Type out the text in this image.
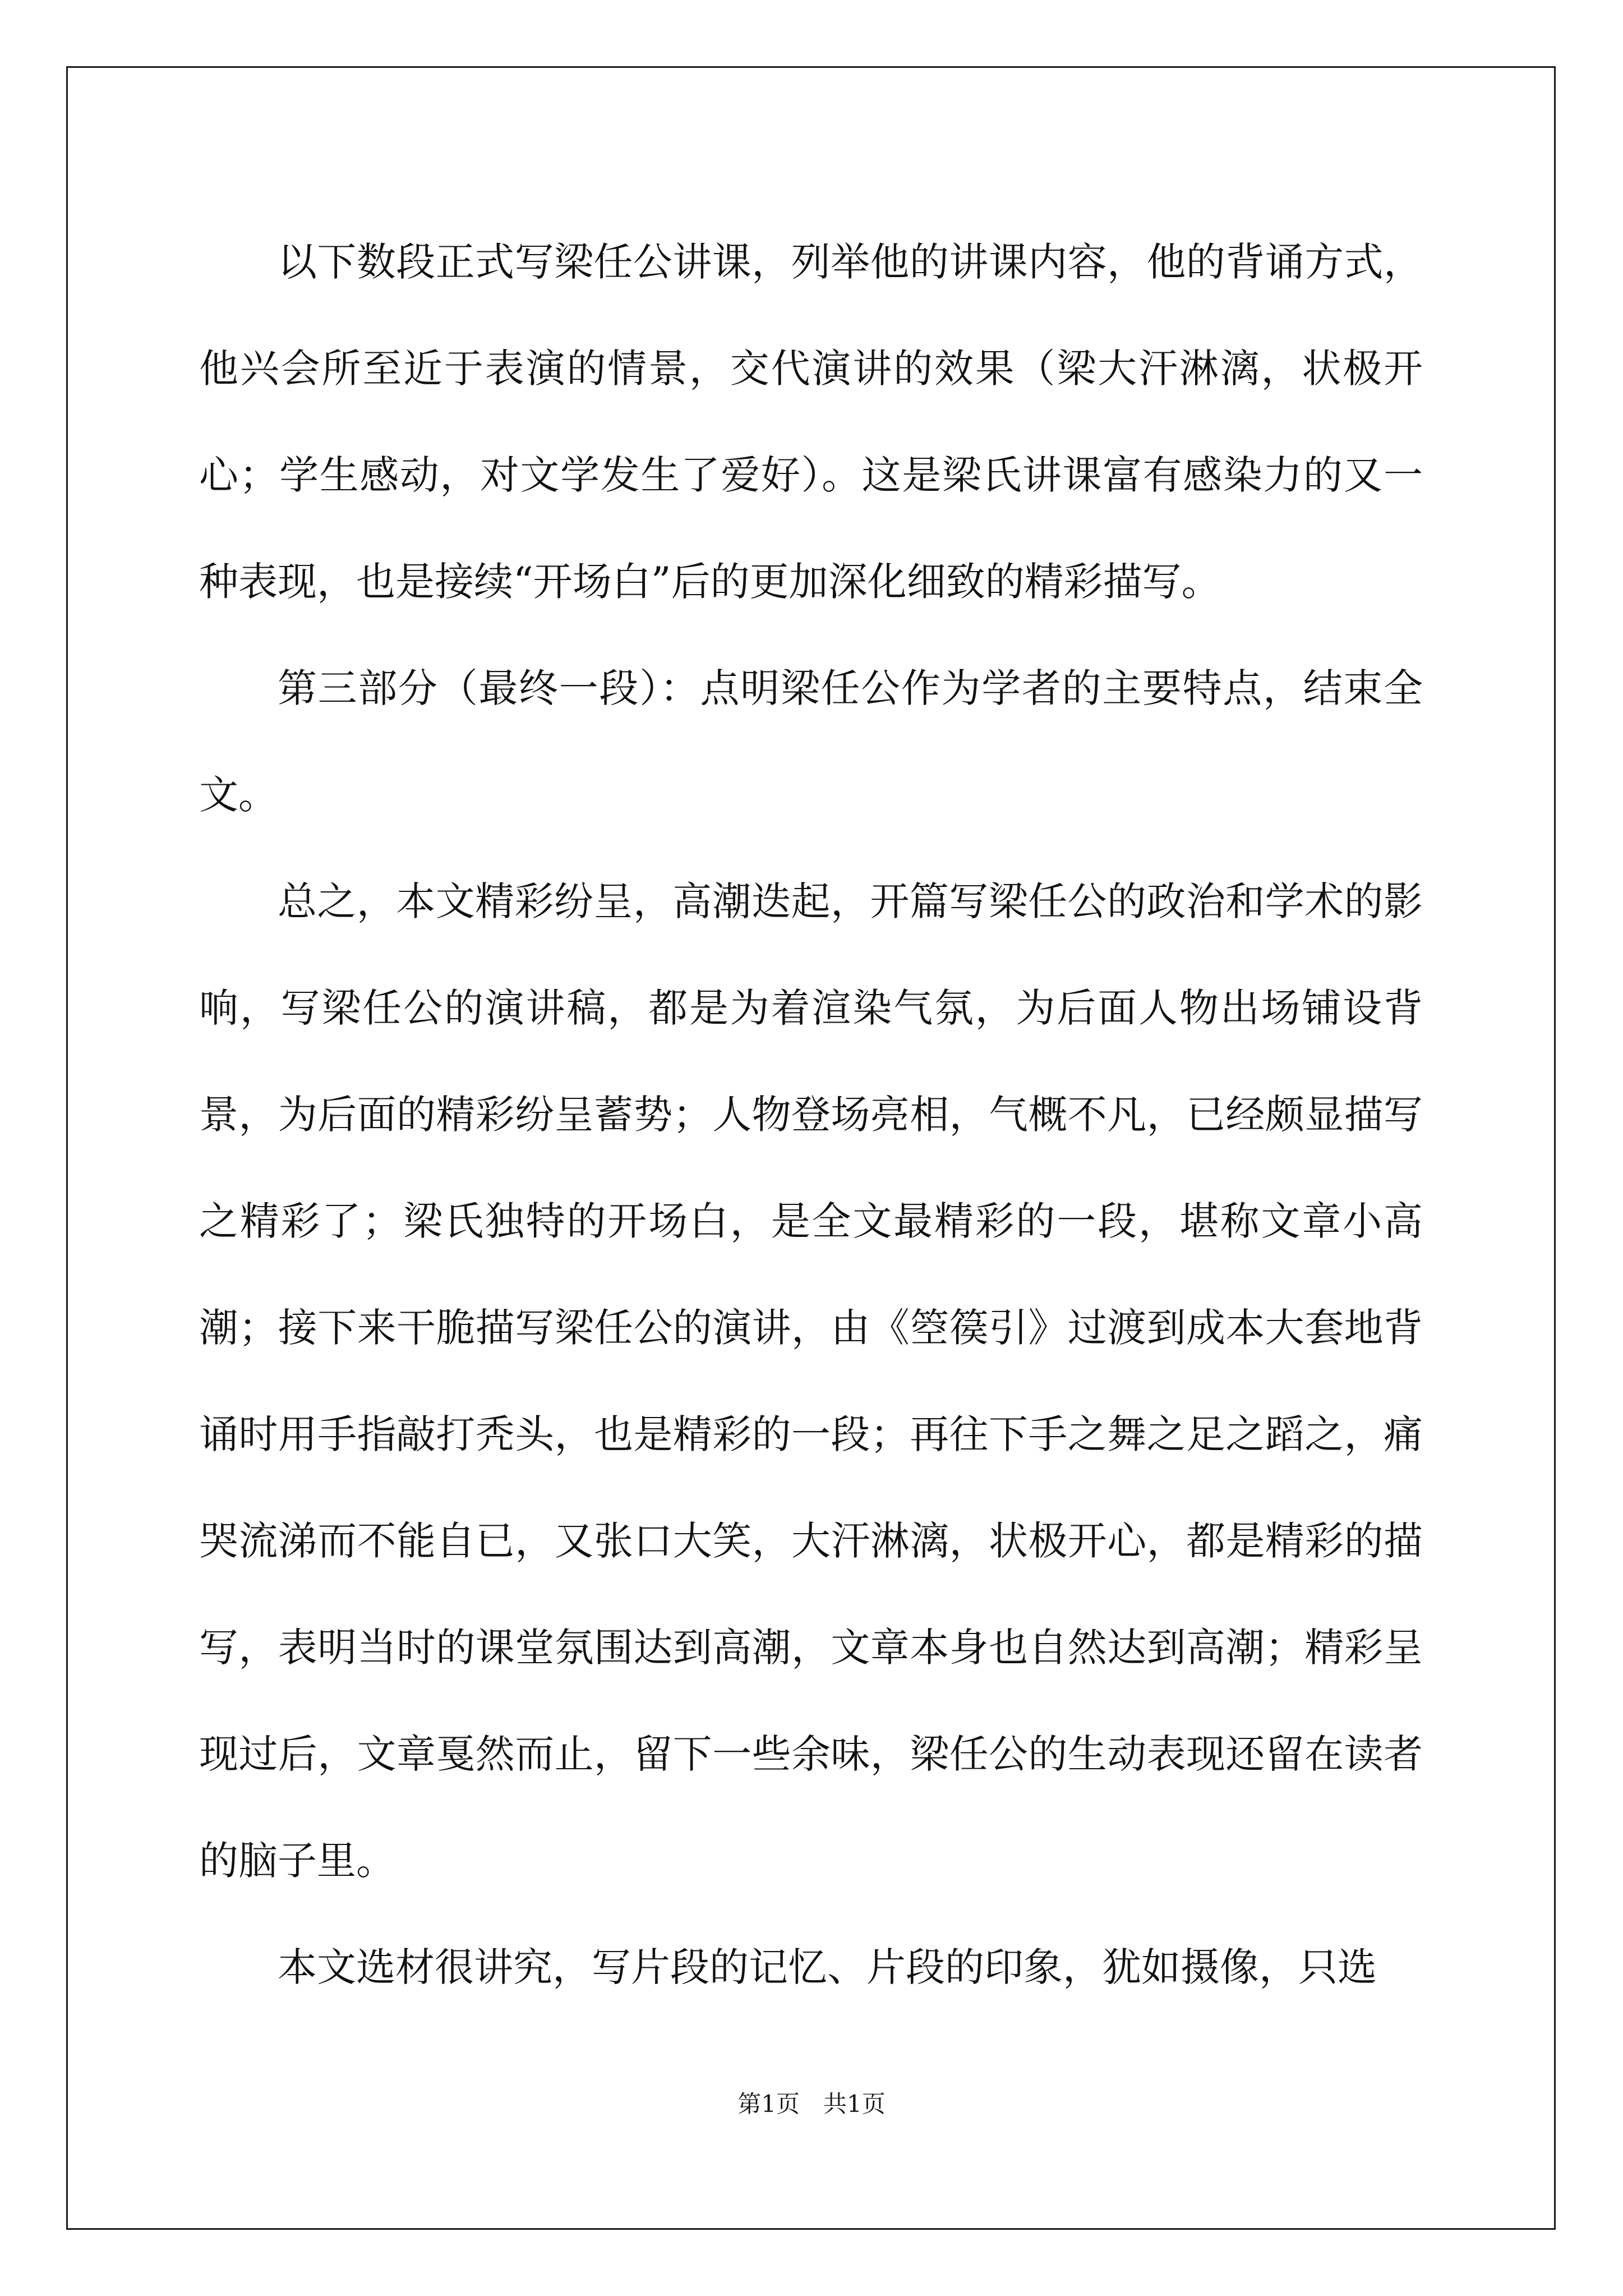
以下数段正式写梁任公讲课，列举他的讲课内容，他的背诵方式，他兴会所至近于表演的情景，交代演讲的效果（梁大汗淋漓，状极开心；学生感动，对文学发生了爱好）。这是梁氏讲课富有感染力的又一种表现，也是接续“开场白”后的更加深化细致的精彩描写。

第三部分（最终一段）：点明梁任公作为学者的主要特点，结束全文。

总之，本文精彩纷呈，高潮迭起，开篇写梁任公的政治和学术的影响，写梁任公的演讲稿，都是为着渲染气氛，为后面人物出场铺设背景，为后面的精彩纷呈蓄势；人物登场亮相，气概不凡，已经颇显描写之精彩了；梁氏独特的开场白，是全文最精彩的一段，堪称文章小高潮；接下来干脆描写梁任公的演讲，由《箜篌引》过渡到成本大套地背诵时用手指敲打秃头，也是精彩的一段；再往下手之舞之足之蹈之，痛哭流涕而不能自已，又张口大笑，大汗淋漓，状极开心，都是精彩的描写，表明当时的课堂氛围达到高潮，文章本身也自然达到高潮；精彩呈现过后，文章戛然而止，留下一些余味，梁任公的生动表现还留在读者的脑子里。

本文选材很讲究，写片段的记忆、片段的印象，犹如摄像，只选

第1页　共1页
